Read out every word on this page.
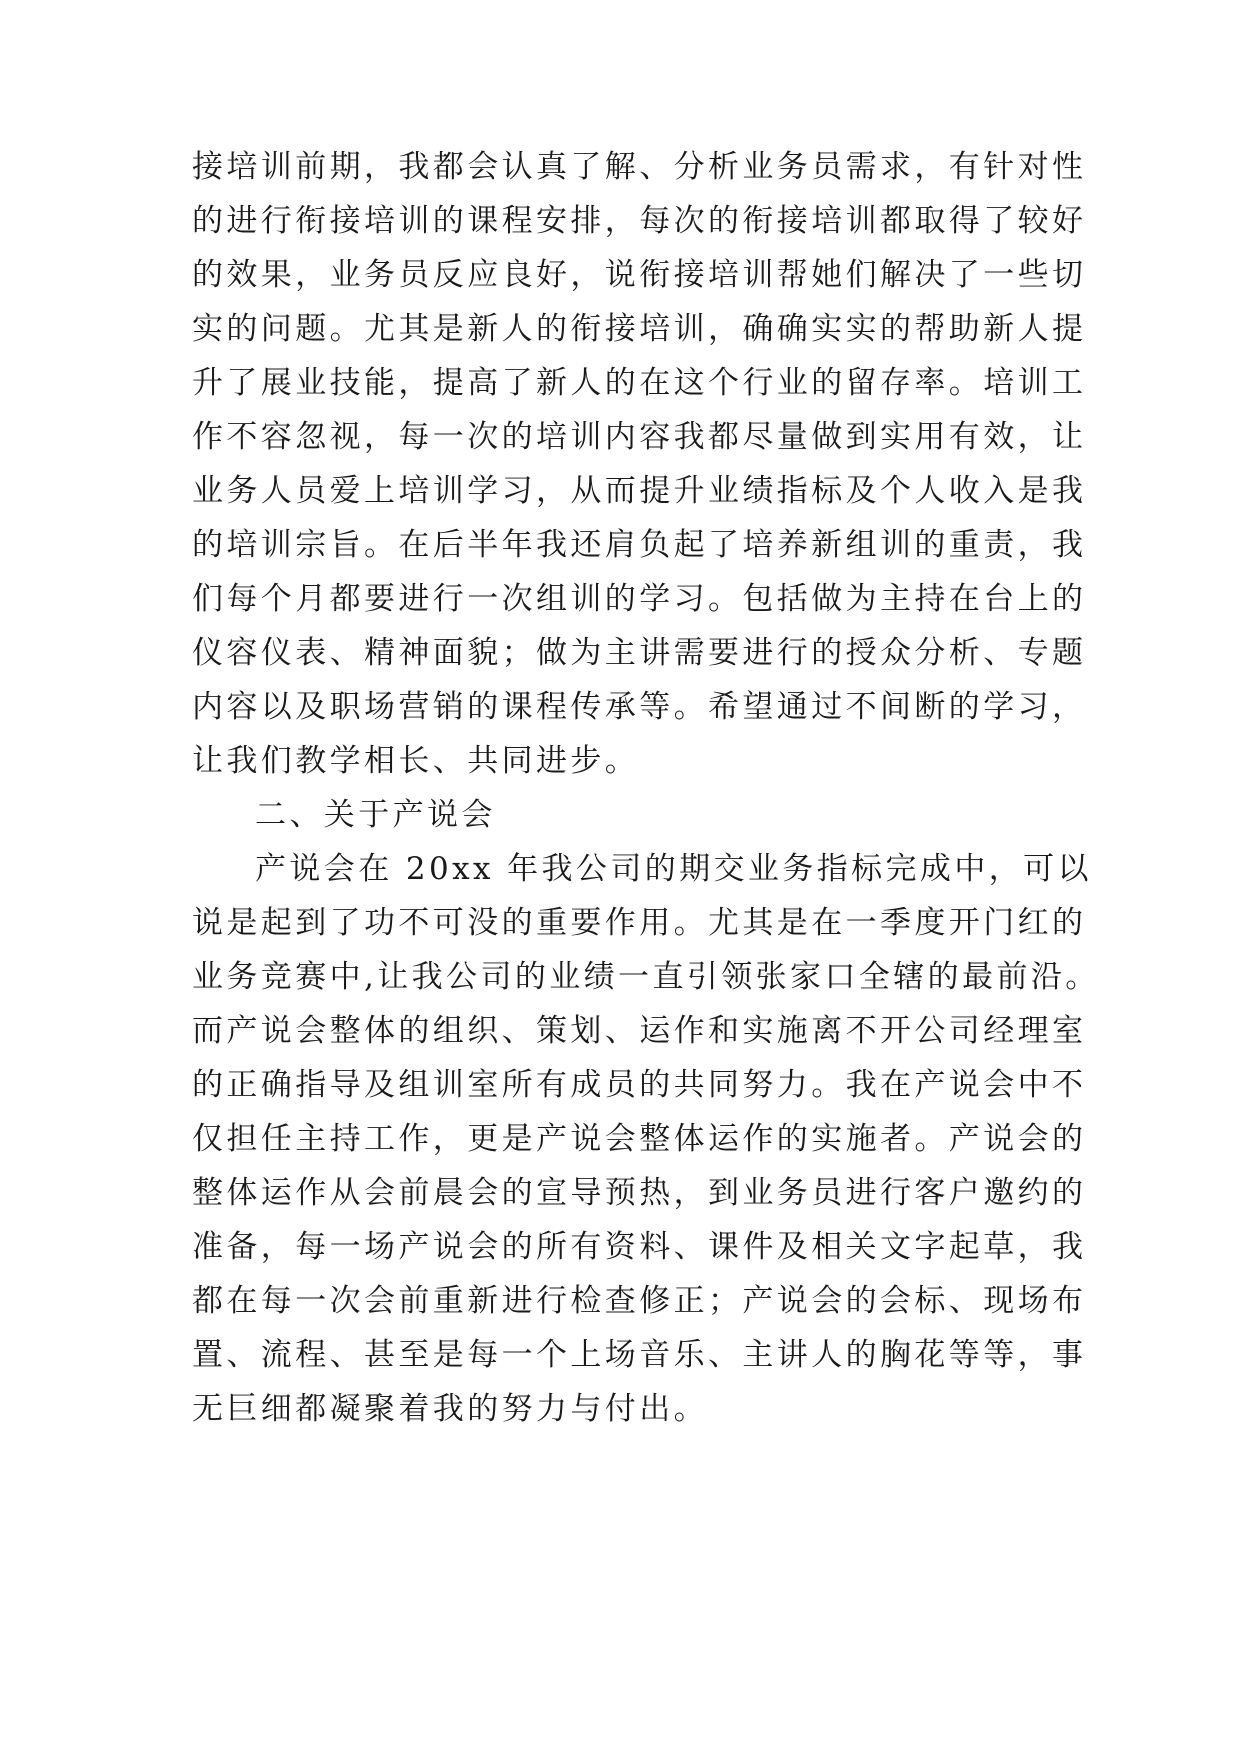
接培训前期，我都会认真了解、分析业务员需求，有针对性
的进行衔接培训的课程安排，每次的衔接培训都取得了较好
的效果，业务员反应良好，说衔接培训帮她们解决了一些切
实的问题。尤其是新人的衔接培训，确确实实的帮助新人提
升了展业技能，提高了新人的在这个行业的留存率。培训工
作不容忽视，每一次的培训内容我都尽量做到实用有效，让
业务人员爱上培训学习，从而提升业绩指标及个人收入是我
的培训宗旨。在后半年我还肩负起了培养新组训的重责，我
们每个月都要进行一次组训的学习。包括做为主持在台上的
仪容仪表、精神面貌；做为主讲需要进行的授众分析、专题
内容以及职场营销的课程传承等。希望通过不间断的学习，
让我们教学相长、共同进步。
二、关于产说会
产说会在 20xx 年我公司的期交业务指标完成中，可以
说是起到了功不可没的重要作用。尤其是在一季度开门红的
业务竞赛中,让我公司的业绩一直引领张家口全辖的最前沿。
而产说会整体的组织、策划、运作和实施离不开公司经理室
的正确指导及组训室所有成员的共同努力。我在产说会中不
仅担任主持工作，更是产说会整体运作的实施者。产说会的
整体运作从会前晨会的宣导预热，到业务员进行客户邀约的
准备，每一场产说会的所有资料、课件及相关文字起草，我
都在每一次会前重新进行检查修正；产说会的会标、现场布
置、流程、甚至是每一个上场音乐、主讲人的胸花等等，事
无巨细都凝聚着我的努力与付出。
